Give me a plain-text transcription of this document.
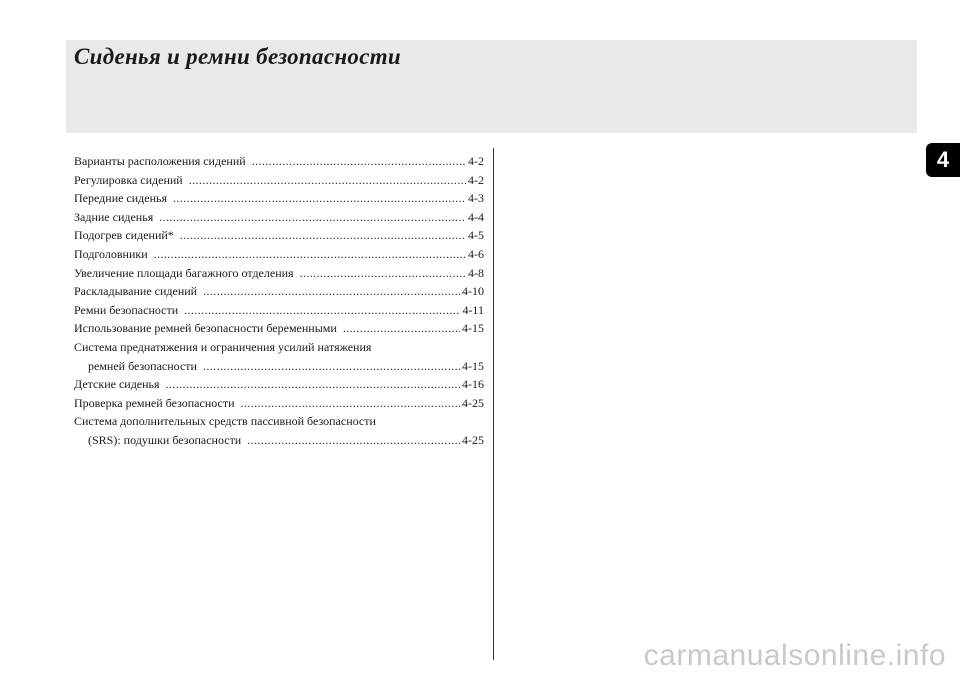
Сиденья и ремни безопасности
4
Варианты расположения сидений .....	4-2
Регулировка сидений .....	4-2
Передние сиденья .....	4-3
Задние сиденья .....	4-4
Подогрев сидений* .....	4-5
Подголовники .....	4-6
Увеличение площади багажного отделения .....	4-8
Раскладывание сидений .....	4-10
Ремни безопасности .....	4-11
Использование ремней безопасности беременными .....	4-15
Система преднатяжения и ограничения усилий натяжения
ремней безопасности .....	4-15
Детские сиденья .....	4-16
Проверка ремней безопасности .....	4-25
Система дополнительных средств пассивной безопасности
(SRS): подушки безопасности .....	4-25
carmanualsonline.info
